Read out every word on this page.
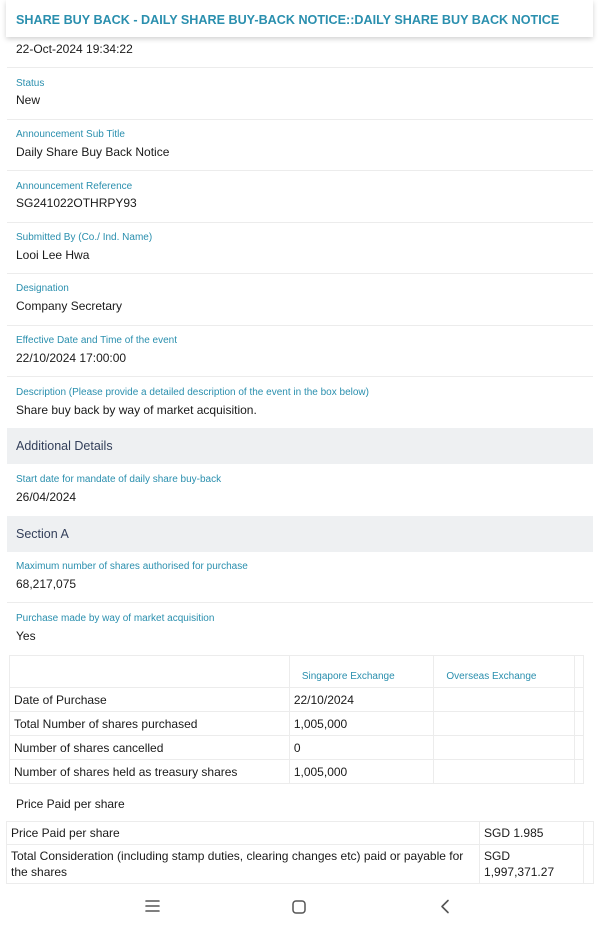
SHARE BUY BACK - DAILY SHARE BUY-BACK NOTICE::DAILY SHARE BUY BACK NOTICE
22-Oct-2024 19:34:22
Status
New
Announcement Sub Title
Daily Share Buy Back Notice
Announcement Reference
SG241022OTHRPY93
Submitted By (Co./ Ind. Name)
Looi Lee Hwa
Designation
Company Secretary
Effective Date and Time of the event
22/10/2024 17:00:00
Description (Please provide a detailed description of the event in the box below)
Share buy back by way of market acquisition.
Additional Details
Start date for mandate of daily share buy-back
26/04/2024
Section A
Maximum number of shares authorised for purchase
68,217,075
Purchase made by way of market acquisition
Yes
	Singapore Exchange	Overseas Exchange	
Date of Purchase	22/10/2024		
Total Number of shares purchased	1,005,000		
Number of shares cancelled	0		
Number of shares held as treasury shares	1,005,000		
Price Paid per share
Price Paid per share	SGD 1.985	
Total Consideration (including stamp duties, clearing changes etc) paid or payable for the shares	SGD 1,997,371.27	
